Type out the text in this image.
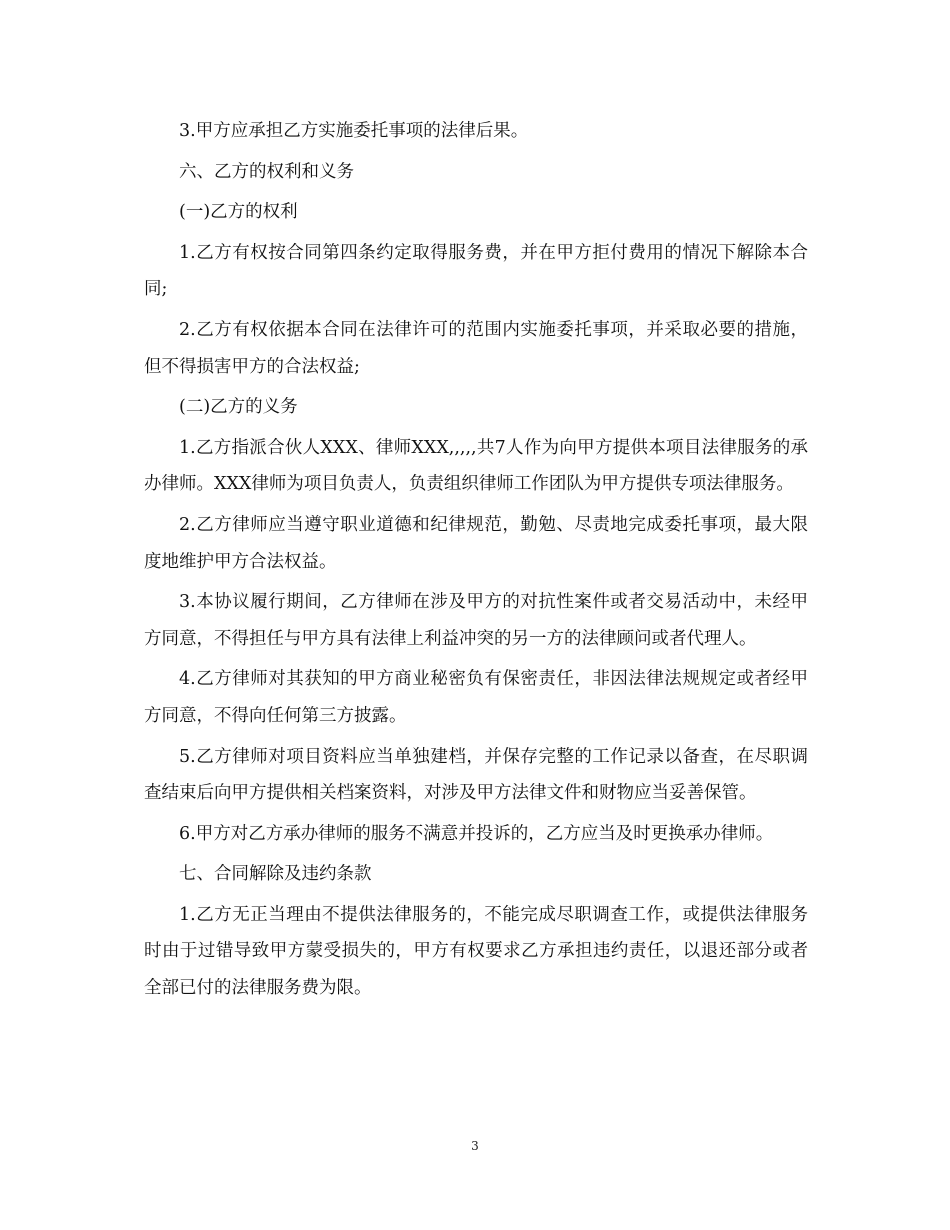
3.甲方应承担乙方实施委托事项的法律后果。

六、乙方的权利和义务

(一)乙方的权利

1.乙方有权按合同第四条约定取得服务费，并在甲方拒付费用的情况下解除本合同;

2.乙方有权依据本合同在法律许可的范围内实施委托事项，并采取必要的措施，但不得损害甲方的合法权益;

(二)乙方的义务

1.乙方指派合伙人XXX、律师XXX,,,,,共7人作为向甲方提供本项目法律服务的承办律师。XXX律师为项目负责人，负责组织律师工作团队为甲方提供专项法律服务。

2.乙方律师应当遵守职业道德和纪律规范，勤勉、尽责地完成委托事项，最大限度地维护甲方合法权益。

3.本协议履行期间，乙方律师在涉及甲方的对抗性案件或者交易活动中，未经甲方同意，不得担任与甲方具有法律上利益冲突的另一方的法律顾问或者代理人。

4.乙方律师对其获知的甲方商业秘密负有保密责任，非因法律法规规定或者经甲方同意，不得向任何第三方披露。

5.乙方律师对项目资料应当单独建档，并保存完整的工作记录以备查，在尽职调查结束后向甲方提供相关档案资料，对涉及甲方法律文件和财物应当妥善保管。

6.甲方对乙方承办律师的服务不满意并投诉的，乙方应当及时更换承办律师。

七、合同解除及违约条款

1.乙方无正当理由不提供法律服务的，不能完成尽职调查工作，或提供法律服务时由于过错导致甲方蒙受损失的，甲方有权要求乙方承担违约责任，以退还部分或者全部已付的法律服务费为限。

3
